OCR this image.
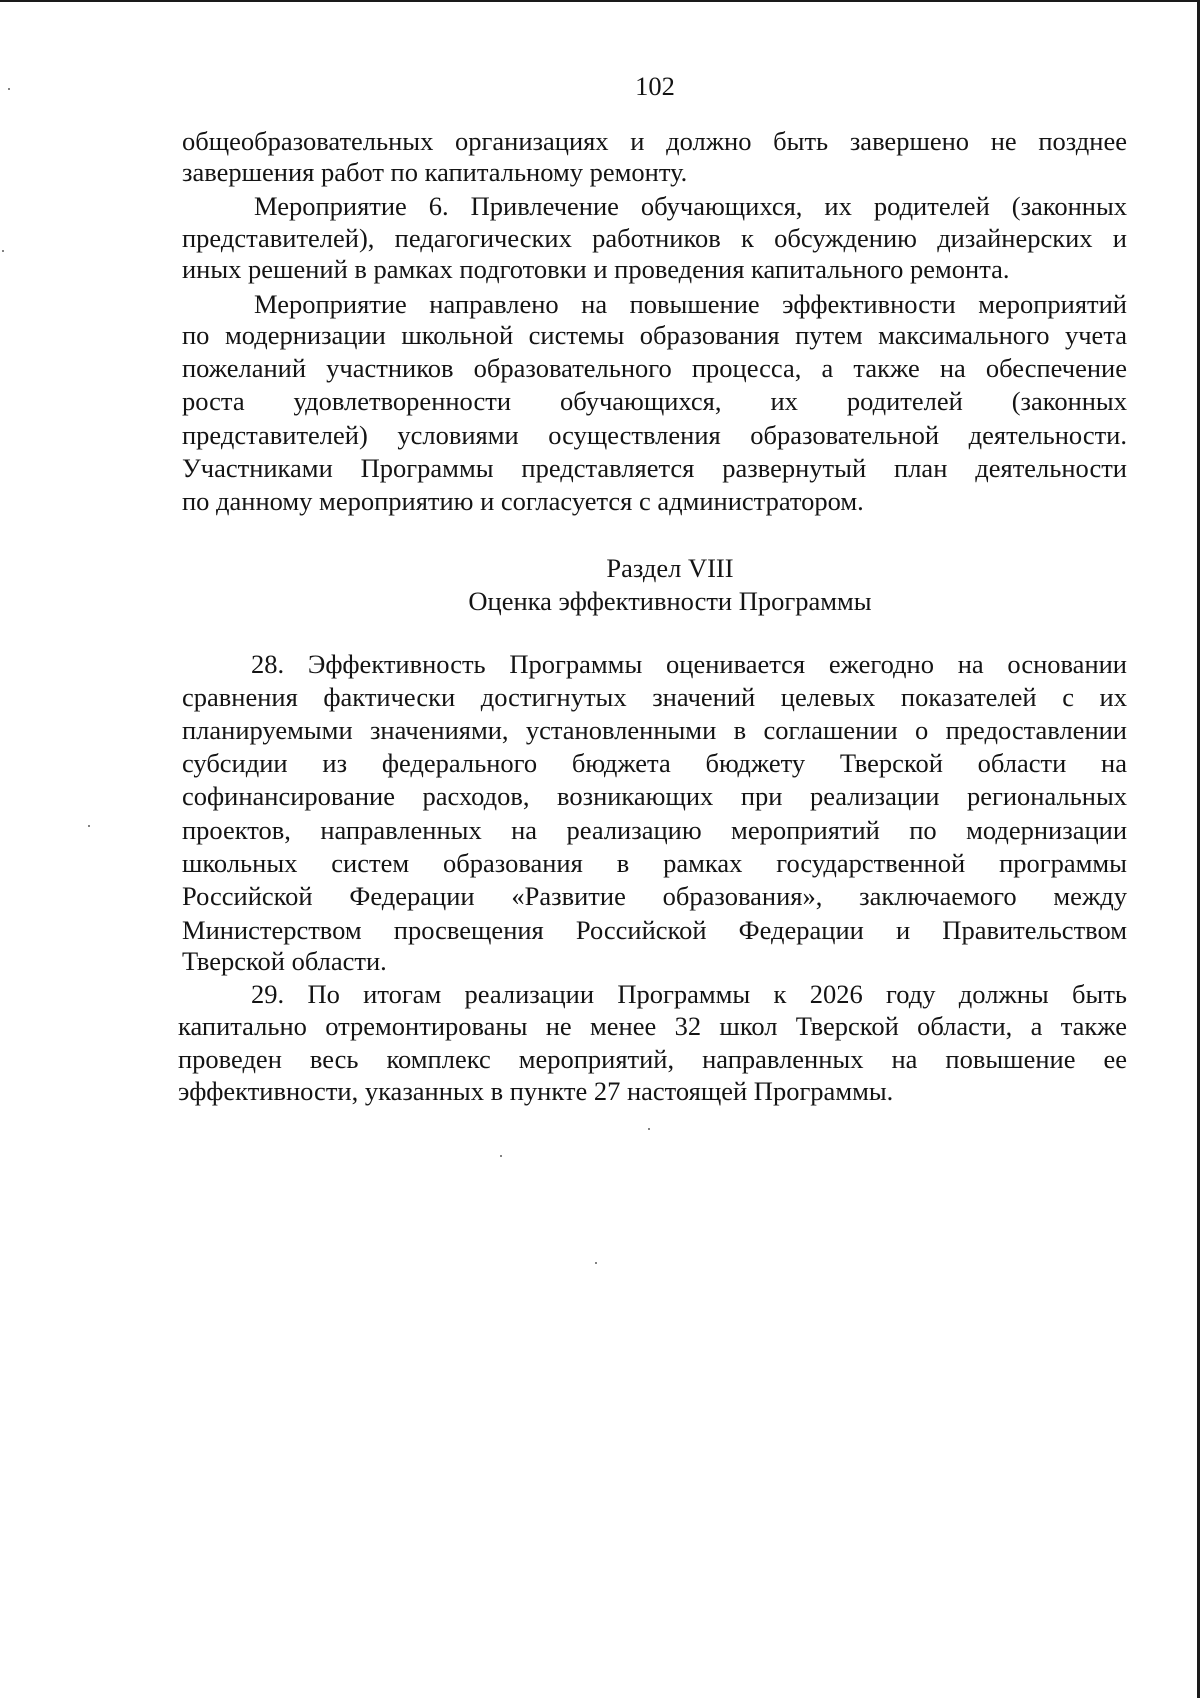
102
общеобразовательных организациях и должно быть завершено не позднее
завершения работ по капитальному ремонту.
Мероприятие 6. Привлечение обучающихся, их родителей (законных
представителей), педагогических работников к обсуждению дизайнерских и
иных решений в рамках подготовки и проведения капитального ремонта.
Мероприятие направлено на повышение эффективности мероприятий
по модернизации школьной системы образования путем максимального учета
пожеланий участников образовательного процесса, а также на обеспечение
роста удовлетворенности обучающихся, их родителей (законных
представителей) условиями осуществления образовательной деятельности.
Участниками Программы представляется развернутый план деятельности
по данному мероприятию и согласуется с администратором.
Раздел VIII
Оценка эффективности Программы
28. Эффективность Программы оценивается ежегодно на основании
сравнения фактически достигнутых значений целевых показателей с их
планируемыми значениями, установленными в соглашении о предоставлении
субсидии из федерального бюджета бюджету Тверской области на
софинансирование расходов, возникающих при реализации региональных
проектов, направленных на реализацию мероприятий по модернизации
школьных систем образования в рамках государственной программы
Российской Федерации «Развитие образования», заключаемого между
Министерством просвещения Российской Федерации и Правительством
Тверской области.
29. По итогам реализации Программы к 2026 году должны быть
капитально отремонтированы не менее 32 школ Тверской области, а также
проведен весь комплекс мероприятий, направленных на повышение ее
эффективности, указанных в пункте 27 настоящей Программы.
